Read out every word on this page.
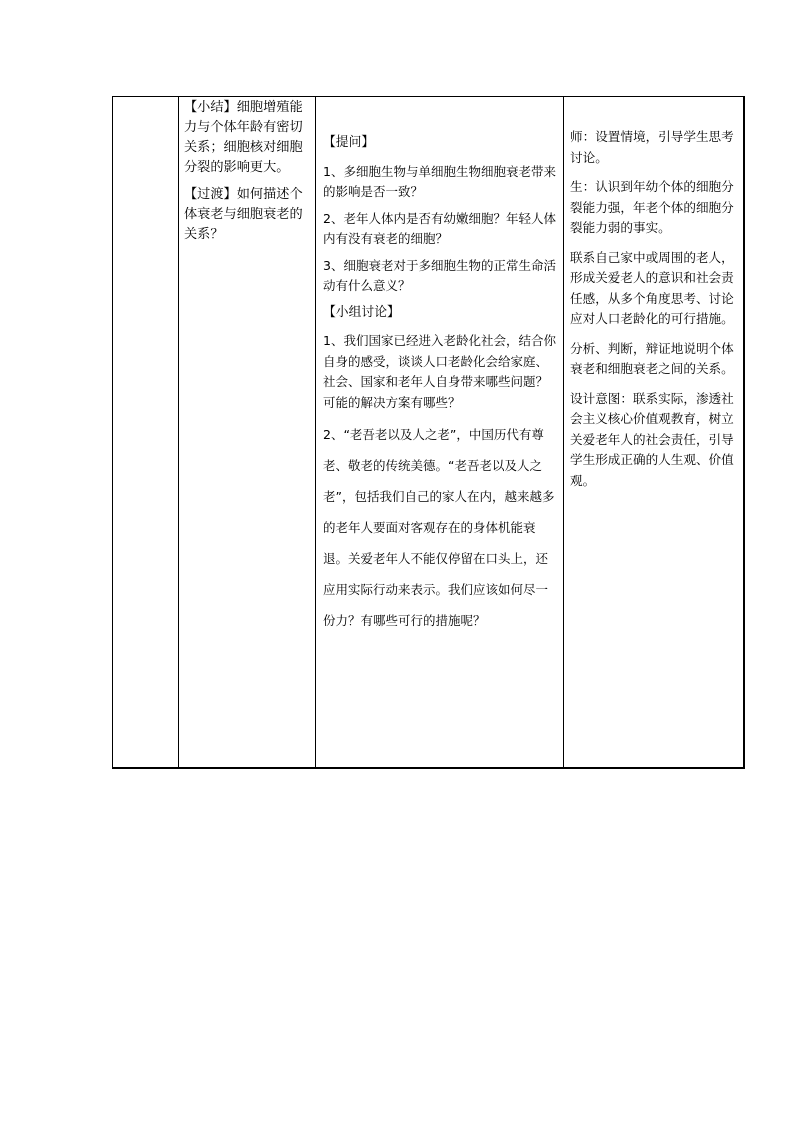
【小结】细胞增殖能力与个体年龄有密切关系；细胞核对细胞分裂的影响更大。

【过渡】如何描述个体衰老与细胞衰老的关系？

【提问】

1、多细胞生物与单细胞生物细胞衰老带来的影响是否一致？

2、老年人体内是否有幼嫩细胞？年轻人体内有没有衰老的细胞？

3、细胞衰老对于多细胞生物的正常生命活动有什么意义？

【小组讨论】

1、我们国家已经进入老龄化社会，结合你自身的感受，谈谈人口老龄化会给家庭、社会、国家和老年人自身带来哪些问题？可能的解决方案有哪些？

2、“老吾老以及人之老”，中国历代有尊老、敬老的传统美德。“老吾老以及人之老”，包括我们自己的家人在内，越来越多的老年人要面对客观存在的身体机能衰退。关爱老年人不能仅停留在口头上，还应用实际行动来表示。我们应该如何尽一份力？有哪些可行的措施呢？

师：设置情境，引导学生思考讨论。

生：认识到年幼个体的细胞分裂能力强，年老个体的细胞分裂能力弱的事实。

联系自己家中或周围的老人，形成关爱老人的意识和社会责任感，从多个角度思考、讨论应对人口老龄化的可行措施。

分析、判断，辩证地说明个体衰老和细胞衰老之间的关系。

设计意图：联系实际，渗透社会主义核心价值观教育，树立关爱老年人的社会责任，引导学生形成正确的人生观、价值观。
